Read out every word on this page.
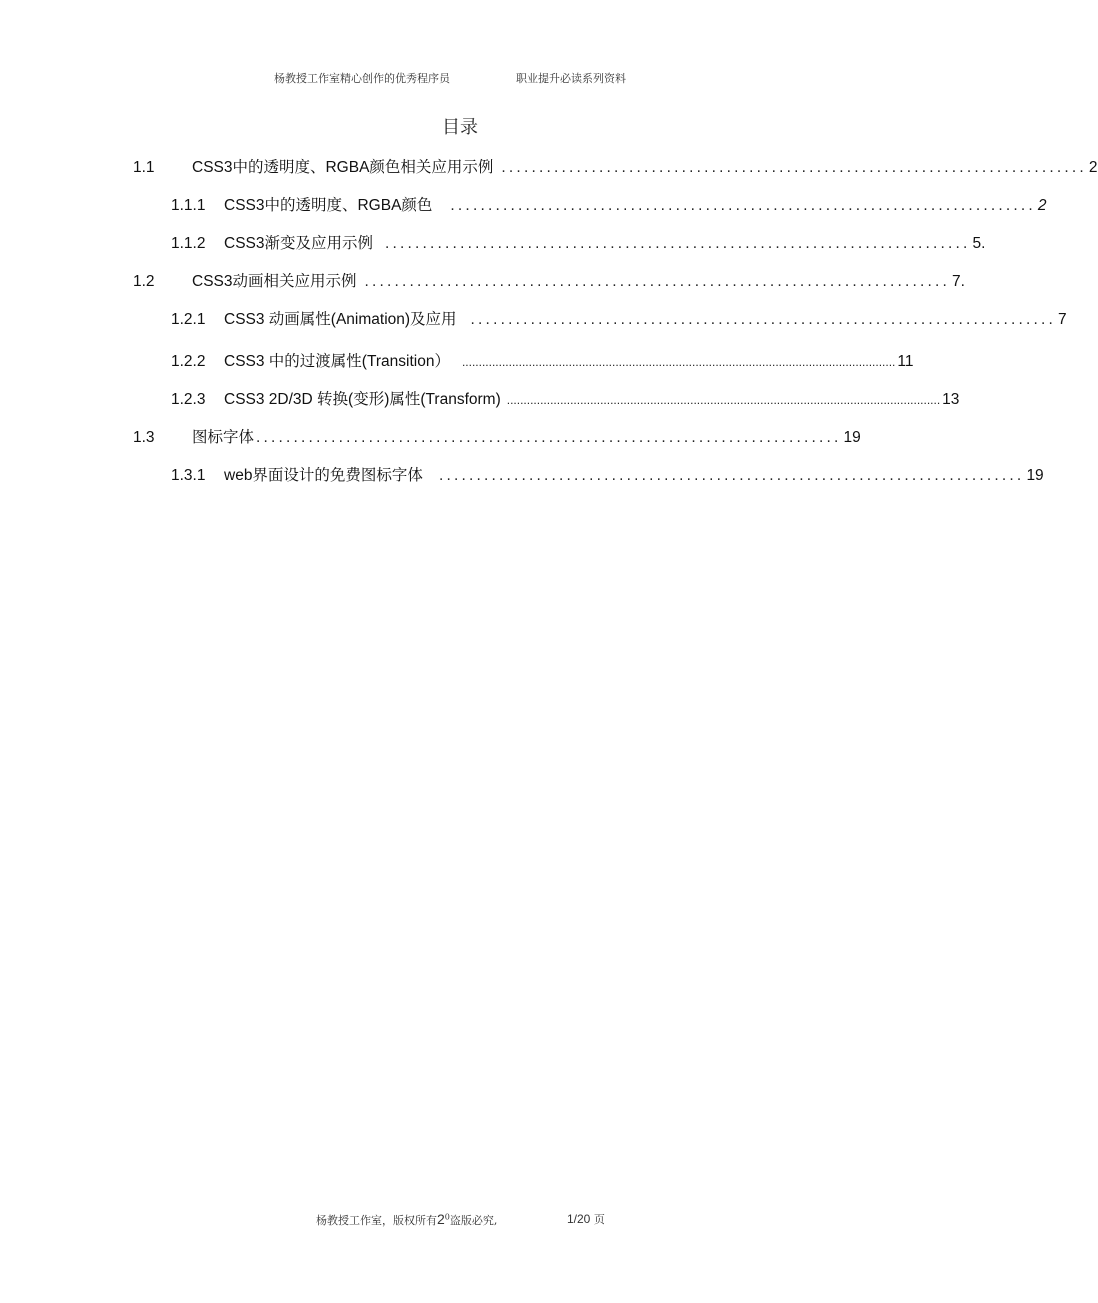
杨教授工作室精心创作的优秀程序员	职业提升必读系列资料
目录
1.1	CSS3中的透明度、RGBA颜色相关应用示例 .............................................................................. 2
1.1.1	CSS3中的透明度、RGBA颜色 .............................................................................. 2
1.1.2	CSS3渐变及应用示例 .............................................................................. 5.
1.2	CSS3动画相关应用示例 .............................................................................. 7.
1.2.1	CSS3 动画属性(Animation)及应用 .............................................................................. 7
1.2.2	CSS3 中的过渡属性(Transition） .................................................................................................................................. 11
1.2.3	CSS3 2D/3D 转换(变形)属性(Transform) .................................................................................................................................. 13
1.3	图标字体 .............................................................................. 19
1.3.1	web界面设计的免费图标字体 .............................................................................. 19
杨教授工作室，版权所有$2^0$盗版必究,	1/20 页
